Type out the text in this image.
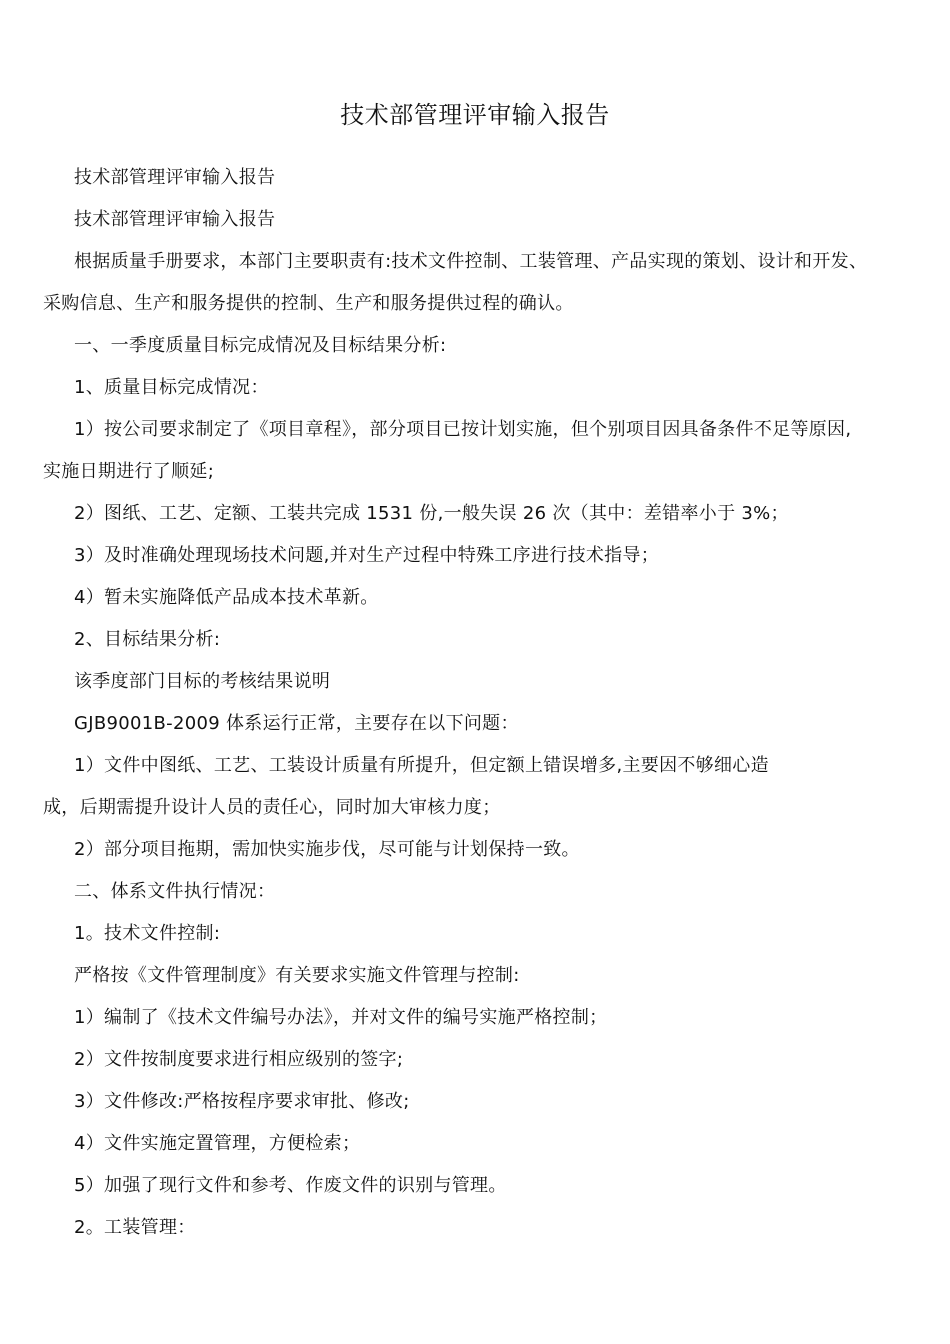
技术部管理评审输入报告
技术部管理评审输入报告
技术部管理评审输入报告
根据质量手册要求，本部门主要职责有:技术文件控制、工装管理、产品实现的策划、设计和开发、
采购信息、生产和服务提供的控制、生产和服务提供过程的确认。
一、一季度质量目标完成情况及目标结果分析:
1、质量目标完成情况：
1）按公司要求制定了《项目章程》，部分项目已按计划实施，但个别项目因具备条件不足等原因,
实施日期进行了顺延;
2）图纸、工艺、定额、工装共完成 1531 份,一般失误 26 次（其中：差错率小于 3%；
3）及时准确处理现场技术问题,并对生产过程中特殊工序进行技术指导；
4）暂未实施降低产品成本技术革新。
2、目标结果分析:
该季度部门目标的考核结果说明
GJB9001B-2009 体系运行正常，主要存在以下问题：
1）文件中图纸、工艺、工装设计质量有所提升，但定额上错误增多,主要因不够细心造
成，后期需提升设计人员的责任心，同时加大审核力度；
2）部分项目拖期，需加快实施步伐，尽可能与计划保持一致。
二、体系文件执行情况：
1。技术文件控制:
严格按《文件管理制度》有关要求实施文件管理与控制:
1）编制了《技术文件编号办法》，并对文件的编号实施严格控制；
2）文件按制度要求进行相应级别的签字;
3）文件修改:严格按程序要求审批、修改;
4）文件实施定置管理，方便检索；
5）加强了现行文件和参考、作废文件的识别与管理。
2。工装管理：
